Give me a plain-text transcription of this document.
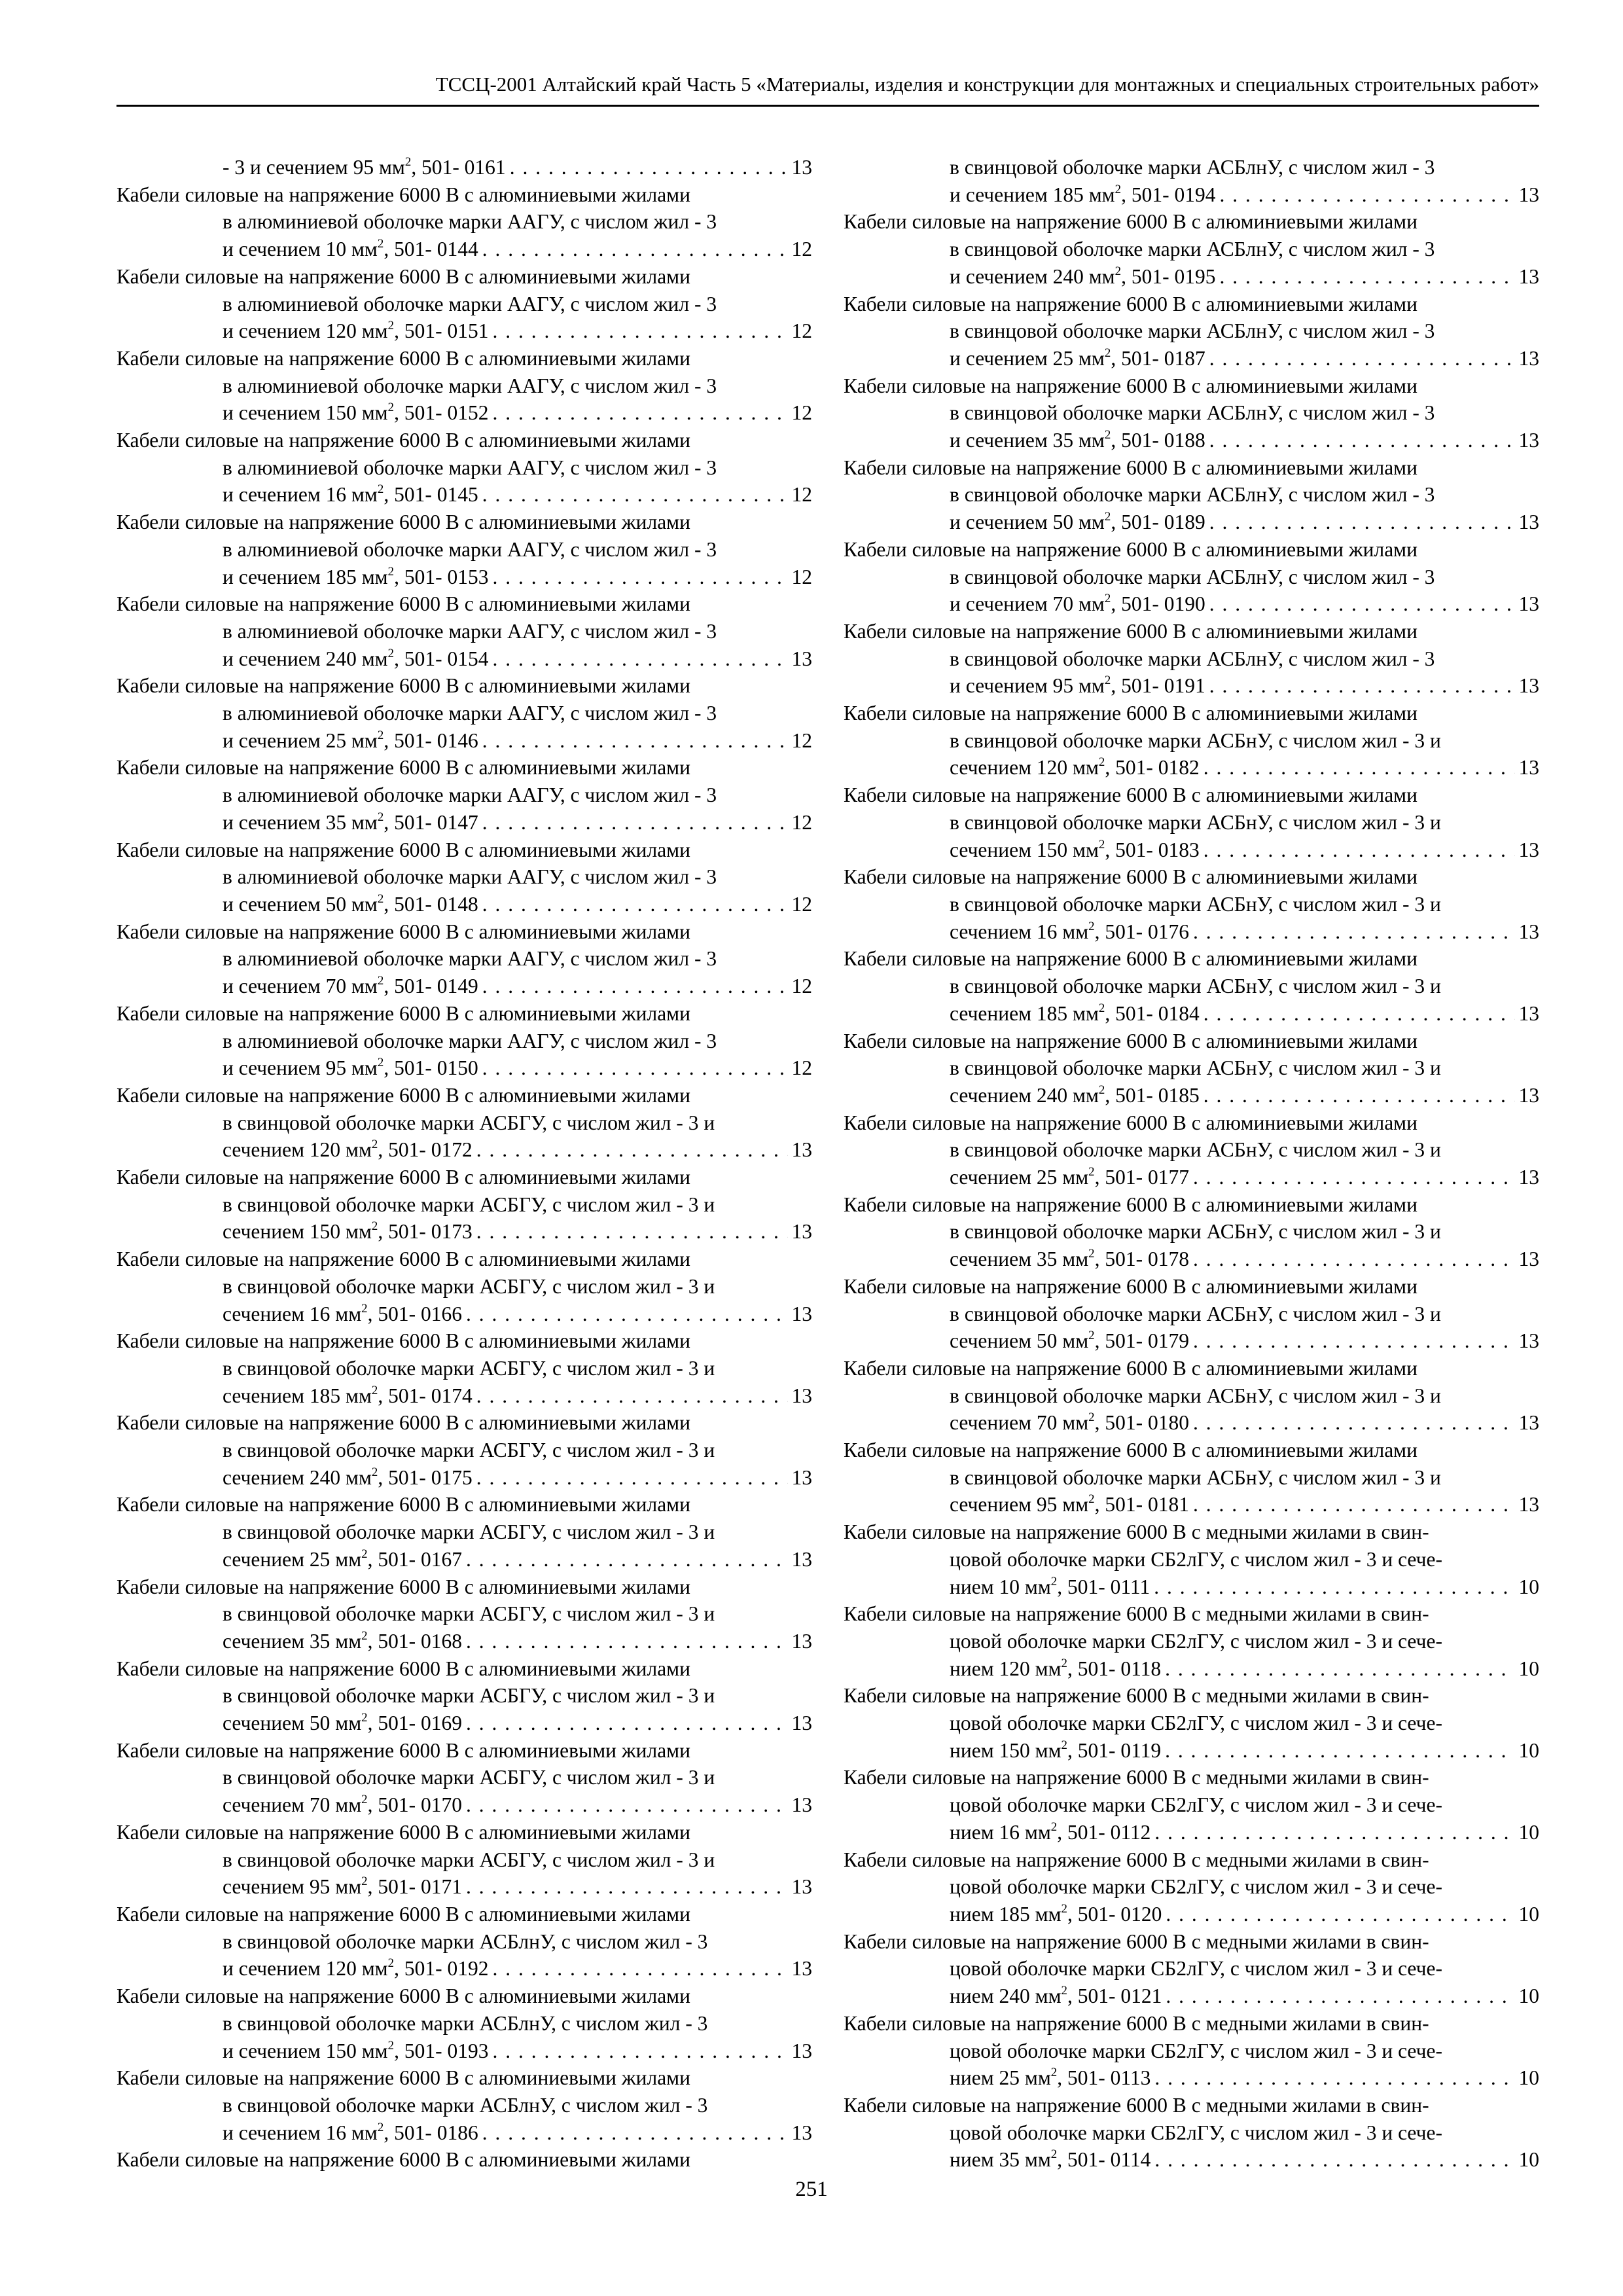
ТССЦ-2001 Алтайский край Часть 5 «Материалы, изделия и конструкции для монтажных и специальных строительных работ»
- 3 и сечением 95 $мм^2$, 501- 0161 . . .	13
Кабели силовые на напряжение 6000 В с алюминиевыми жилами
в алюминиевой оболочке марки ААГУ, с числом жил - 3
и сечением 10 $мм^2$, 501- 0144 . . .	12
Кабели силовые на напряжение 6000 В с алюминиевыми жилами
в алюминиевой оболочке марки ААГУ, с числом жил - 3
и сечением 120 $мм^2$, 501- 0151 . . .	12
Кабели силовые на напряжение 6000 В с алюминиевыми жилами
в алюминиевой оболочке марки ААГУ, с числом жил - 3
и сечением 150 $мм^2$, 501- 0152 . . .	12
Кабели силовые на напряжение 6000 В с алюминиевыми жилами
в алюминиевой оболочке марки ААГУ, с числом жил - 3
и сечением 16 $мм^2$, 501- 0145 . . .	12
Кабели силовые на напряжение 6000 В с алюминиевыми жилами
в алюминиевой оболочке марки ААГУ, с числом жил - 3
и сечением 185 $мм^2$, 501- 0153 . . .	12
Кабели силовые на напряжение 6000 В с алюминиевыми жилами
в алюминиевой оболочке марки ААГУ, с числом жил - 3
и сечением 240 $мм^2$, 501- 0154 . . .	13
Кабели силовые на напряжение 6000 В с алюминиевыми жилами
в алюминиевой оболочке марки ААГУ, с числом жил - 3
и сечением 25 $мм^2$, 501- 0146 . . .	12
Кабели силовые на напряжение 6000 В с алюминиевыми жилами
в алюминиевой оболочке марки ААГУ, с числом жил - 3
и сечением 35 $мм^2$, 501- 0147 . . .	12
Кабели силовые на напряжение 6000 В с алюминиевыми жилами
в алюминиевой оболочке марки ААГУ, с числом жил - 3
и сечением 50 $мм^2$, 501- 0148 . . .	12
Кабели силовые на напряжение 6000 В с алюминиевыми жилами
в алюминиевой оболочке марки ААГУ, с числом жил - 3
и сечением 70 $мм^2$, 501- 0149 . . .	12
Кабели силовые на напряжение 6000 В с алюминиевыми жилами
в алюминиевой оболочке марки ААГУ, с числом жил - 3
и сечением 95 $мм^2$, 501- 0150 . . .	12
Кабели силовые на напряжение 6000 В с алюминиевыми жилами
в свинцовой оболочке марки АСБГУ, с числом жил - 3 и
сечением 120 $мм^2$, 501- 0172 . . .	13
Кабели силовые на напряжение 6000 В с алюминиевыми жилами
в свинцовой оболочке марки АСБГУ, с числом жил - 3 и
сечением 150 $мм^2$, 501- 0173 . . .	13
Кабели силовые на напряжение 6000 В с алюминиевыми жилами
в свинцовой оболочке марки АСБГУ, с числом жил - 3 и
сечением 16 $мм^2$, 501- 0166 . . .	13
Кабели силовые на напряжение 6000 В с алюминиевыми жилами
в свинцовой оболочке марки АСБГУ, с числом жил - 3 и
сечением 185 $мм^2$, 501- 0174 . . .	13
Кабели силовые на напряжение 6000 В с алюминиевыми жилами
в свинцовой оболочке марки АСБГУ, с числом жил - 3 и
сечением 240 $мм^2$, 501- 0175 . . .	13
Кабели силовые на напряжение 6000 В с алюминиевыми жилами
в свинцовой оболочке марки АСБГУ, с числом жил - 3 и
сечением 25 $мм^2$, 501- 0167 . . .	13
Кабели силовые на напряжение 6000 В с алюминиевыми жилами
в свинцовой оболочке марки АСБГУ, с числом жил - 3 и
сечением 35 $мм^2$, 501- 0168 . . .	13
Кабели силовые на напряжение 6000 В с алюминиевыми жилами
в свинцовой оболочке марки АСБГУ, с числом жил - 3 и
сечением 50 $мм^2$, 501- 0169 . . .	13
Кабели силовые на напряжение 6000 В с алюминиевыми жилами
в свинцовой оболочке марки АСБГУ, с числом жил - 3 и
сечением 70 $мм^2$, 501- 0170 . . .	13
Кабели силовые на напряжение 6000 В с алюминиевыми жилами
в свинцовой оболочке марки АСБГУ, с числом жил - 3 и
сечением 95 $мм^2$, 501- 0171 . . .	13
Кабели силовые на напряжение 6000 В с алюминиевыми жилами
в свинцовой оболочке марки АСБлнУ, с числом жил - 3
и сечением 120 $мм^2$, 501- 0192 . . .	13
Кабели силовые на напряжение 6000 В с алюминиевыми жилами
в свинцовой оболочке марки АСБлнУ, с числом жил - 3
и сечением 150 $мм^2$, 501- 0193 . . .	13
Кабели силовые на напряжение 6000 В с алюминиевыми жилами
в свинцовой оболочке марки АСБлнУ, с числом жил - 3
и сечением 16 $мм^2$, 501- 0186 . . .	13
Кабели силовые на напряжение 6000 В с алюминиевыми жилами
в свинцовой оболочке марки АСБлнУ, с числом жил - 3
и сечением 185 $мм^2$, 501- 0194 . . .	13
Кабели силовые на напряжение 6000 В с алюминиевыми жилами
в свинцовой оболочке марки АСБлнУ, с числом жил - 3
и сечением 240 $мм^2$, 501- 0195 . . .	13
Кабели силовые на напряжение 6000 В с алюминиевыми жилами
в свинцовой оболочке марки АСБлнУ, с числом жил - 3
и сечением 25 $мм^2$, 501- 0187 . . .	13
Кабели силовые на напряжение 6000 В с алюминиевыми жилами
в свинцовой оболочке марки АСБлнУ, с числом жил - 3
и сечением 35 $мм^2$, 501- 0188 . . .	13
Кабели силовые на напряжение 6000 В с алюминиевыми жилами
в свинцовой оболочке марки АСБлнУ, с числом жил - 3
и сечением 50 $мм^2$, 501- 0189 . . .	13
Кабели силовые на напряжение 6000 В с алюминиевыми жилами
в свинцовой оболочке марки АСБлнУ, с числом жил - 3
и сечением 70 $мм^2$, 501- 0190 . . .	13
Кабели силовые на напряжение 6000 В с алюминиевыми жилами
в свинцовой оболочке марки АСБлнУ, с числом жил - 3
и сечением 95 $мм^2$, 501- 0191 . . .	13
Кабели силовые на напряжение 6000 В с алюминиевыми жилами
в свинцовой оболочке марки АСБнУ, с числом жил - 3 и
сечением 120 $мм^2$, 501- 0182 . . .	13
Кабели силовые на напряжение 6000 В с алюминиевыми жилами
в свинцовой оболочке марки АСБнУ, с числом жил - 3 и
сечением 150 $мм^2$, 501- 0183 . . .	13
Кабели силовые на напряжение 6000 В с алюминиевыми жилами
в свинцовой оболочке марки АСБнУ, с числом жил - 3 и
сечением 16 $мм^2$, 501- 0176 . . .	13
Кабели силовые на напряжение 6000 В с алюминиевыми жилами
в свинцовой оболочке марки АСБнУ, с числом жил - 3 и
сечением 185 $мм^2$, 501- 0184 . . .	13
Кабели силовые на напряжение 6000 В с алюминиевыми жилами
в свинцовой оболочке марки АСБнУ, с числом жил - 3 и
сечением 240 $мм^2$, 501- 0185 . . .	13
Кабели силовые на напряжение 6000 В с алюминиевыми жилами
в свинцовой оболочке марки АСБнУ, с числом жил - 3 и
сечением 25 $мм^2$, 501- 0177 . . .	13
Кабели силовые на напряжение 6000 В с алюминиевыми жилами
в свинцовой оболочке марки АСБнУ, с числом жил - 3 и
сечением 35 $мм^2$, 501- 0178 . . .	13
Кабели силовые на напряжение 6000 В с алюминиевыми жилами
в свинцовой оболочке марки АСБнУ, с числом жил - 3 и
сечением 50 $мм^2$, 501- 0179 . . .	13
Кабели силовые на напряжение 6000 В с алюминиевыми жилами
в свинцовой оболочке марки АСБнУ, с числом жил - 3 и
сечением 70 $мм^2$, 501- 0180 . . .	13
Кабели силовые на напряжение 6000 В с алюминиевыми жилами
в свинцовой оболочке марки АСБнУ, с числом жил - 3 и
сечением 95 $мм^2$, 501- 0181 . . .	13
Кабели силовые на напряжение 6000 В с медными жилами в свин-
цовой оболочке марки СБ2лГУ, с числом жил - 3 и сече-
нием 10 $мм^2$, 501- 0111 . . .	10
Кабели силовые на напряжение 6000 В с медными жилами в свин-
цовой оболочке марки СБ2лГУ, с числом жил - 3 и сече-
нием 120 $мм^2$, 501- 0118 . . .	10
Кабели силовые на напряжение 6000 В с медными жилами в свин-
цовой оболочке марки СБ2лГУ, с числом жил - 3 и сече-
нием 150 $мм^2$, 501- 0119 . . .	10
Кабели силовые на напряжение 6000 В с медными жилами в свин-
цовой оболочке марки СБ2лГУ, с числом жил - 3 и сече-
нием 16 $мм^2$, 501- 0112 . . .	10
Кабели силовые на напряжение 6000 В с медными жилами в свин-
цовой оболочке марки СБ2лГУ, с числом жил - 3 и сече-
нием 185 $мм^2$, 501- 0120 . . .	10
Кабели силовые на напряжение 6000 В с медными жилами в свин-
цовой оболочке марки СБ2лГУ, с числом жил - 3 и сече-
нием 240 $мм^2$, 501- 0121 . . .	10
Кабели силовые на напряжение 6000 В с медными жилами в свин-
цовой оболочке марки СБ2лГУ, с числом жил - 3 и сече-
нием 25 $мм^2$, 501- 0113 . . .	10
Кабели силовые на напряжение 6000 В с медными жилами в свин-
цовой оболочке марки СБ2лГУ, с числом жил - 3 и сече-
нием 35 $мм^2$, 501- 0114 . . .	10
251
